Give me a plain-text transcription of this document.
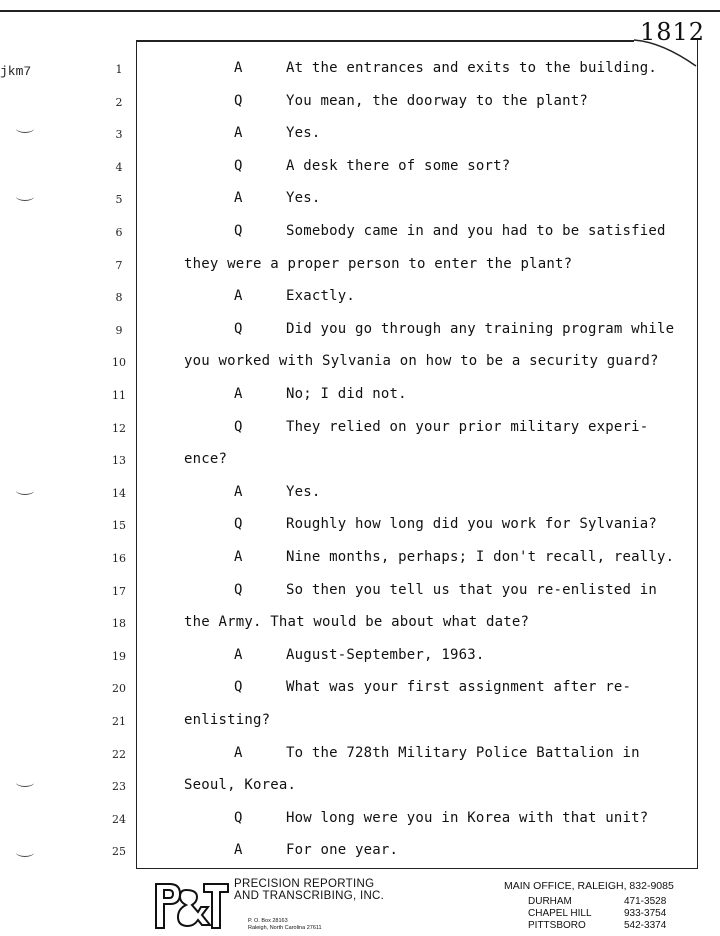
1812
jkm7	1	A	At the entrances and exits to the building.
2	Q	You mean, the doorway to the plant?
3	A	Yes.
4	Q	A desk there of some sort?
5	A	Yes.
6	Q	Somebody came in and you had to be satisfied
7	they were a proper person to enter the plant?
8	A	Exactly.
9	Q	Did you go through any training program while
10	you worked with Sylvania on how to be a security guard?
11	A	No; I did not.
12	Q	They relied on your prior military experi-
13	ence?
14	A	Yes.
15	Q	Roughly how long did you work for Sylvania?
16	A	Nine months, perhaps; I don't recall, really.
17	Q	So then you tell us that you re-enlisted in
18	the Army. That would be about what date?
19	A	August-September, 1963.
20	Q	What was your first assignment after re-
21	enlisting?
22	A	To the 728th Military Police Battalion in
23	Seoul, Korea.
24	Q	How long were you in Korea with that unit?
25	A	For one year.
P&T	PRECISION REPORTING
AND TRANSCRIBING, INC.
P. O. Box 28163
Raleigh, North Carolina 27611
MAIN OFFICE, RALEIGH, 832-9085
DURHAM	471-3528
CHAPEL HILL	933-3754
PITTSBORO	542-3374
